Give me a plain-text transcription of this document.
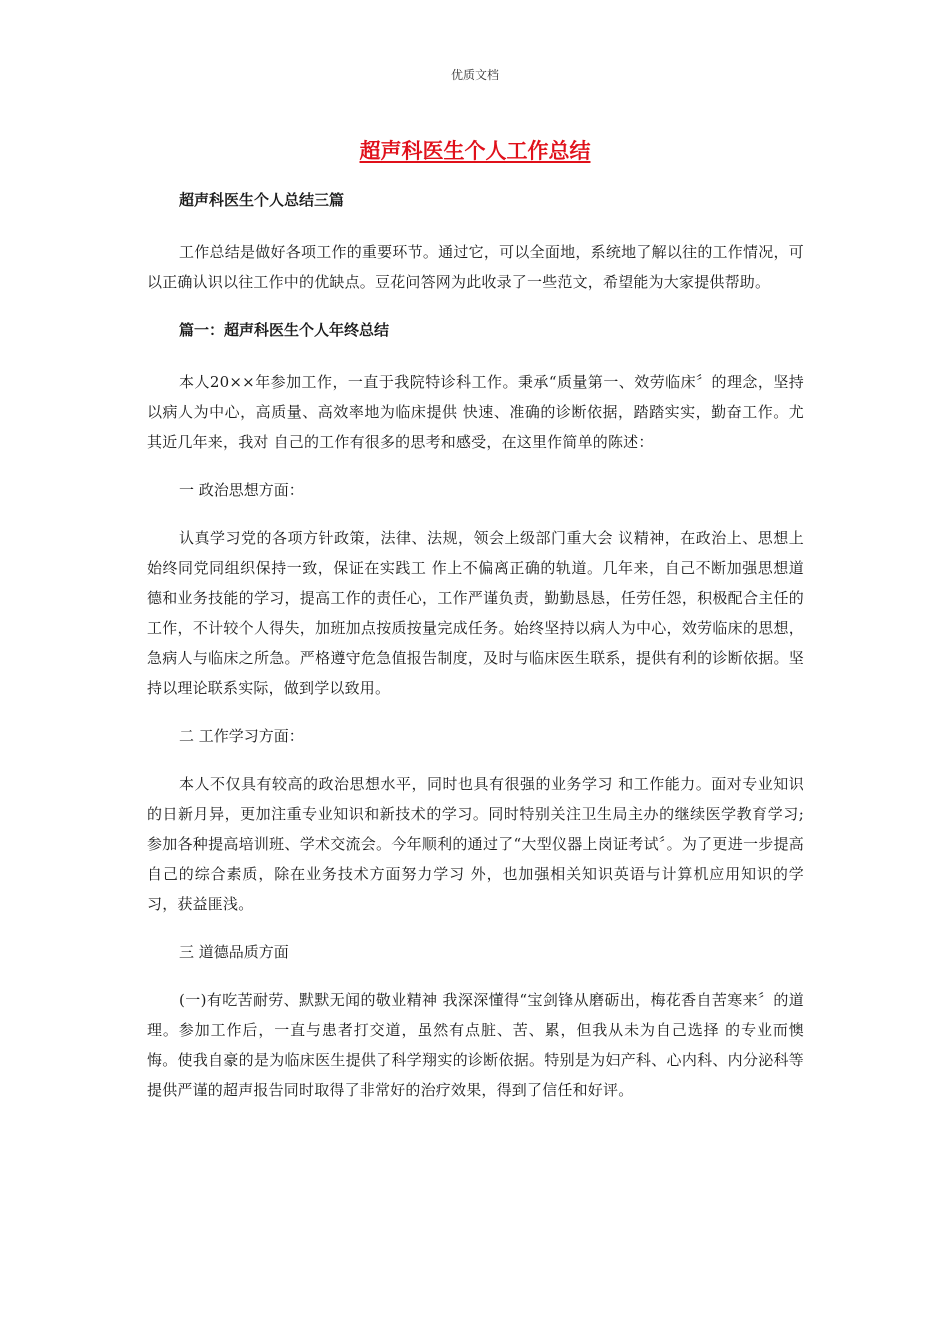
优质文档
超声科医生个人工作总结
超声科医生个人总结三篇
工作总结是做好各项工作的重要环节。通过它，可以全面地，系统地了解以往的工作情况，可以正确认识以往工作中的优缺点。豆花问答网为此收录了一些范文，希望能为大家提供帮助。
篇一：超声科医生个人年终总结
本人20××年参加工作，一直于我院特诊科工作。秉承“质量第一、效劳临床〞的理念，坚持以病人为中心，高质量、高效率地为临床提供 快速、准确的诊断依据，踏踏实实，勤奋工作。尤其近几年来，我对 自己的工作有很多的思考和感受，在这里作简单的陈述：
一 政治思想方面：
认真学习党的各项方针政策，法律、法规，领会上级部门重大会 议精神，在政治上、思想上始终同党同组织保持一致，保证在实践工 作上不偏离正确的轨道。几年来，自己不断加强思想道德和业务技能的学习，提高工作的责任心，工作严谨负责，勤勤恳恳，任劳任怨，积极配合主任的工作，不计较个人得失，加班加点按质按量完成任务。始终坚持以病人为中心，效劳临床的思想，急病人与临床之所急。严格遵守危急值报告制度，及时与临床医生联系，提供有利的诊断依据。坚持以理论联系实际，做到学以致用。
二 工作学习方面：
本人不仅具有较高的政治思想水平，同时也具有很强的业务学习 和工作能力。面对专业知识的日新月异，更加注重专业知识和新技术的学习。同时特别关注卫生局主办的继续医学教育学习;参加各种提高培训班、学术交流会。今年顺利的通过了“大型仪器上岗证考试〞。为了更进一步提高自己的综合素质，除在业务技术方面努力学习 外，也加强相关知识英语与计算机应用知识的学习，获益匪浅。
三 道德品质方面
(一)有吃苦耐劳、默默无闻的敬业精神 我深深懂得“宝剑锋从磨砺出，梅花香自苦寒来〞的道理。参加工作后，一直与患者打交道，虽然有点脏、苦、累，但我从未为自己选择 的专业而懊悔。使我自豪的是为临床医生提供了科学翔实的诊断依据。特别是为妇产科、心内科、内分泌科等提供严谨的超声报告同时取得了非常好的治疗效果，得到了信任和好评。
